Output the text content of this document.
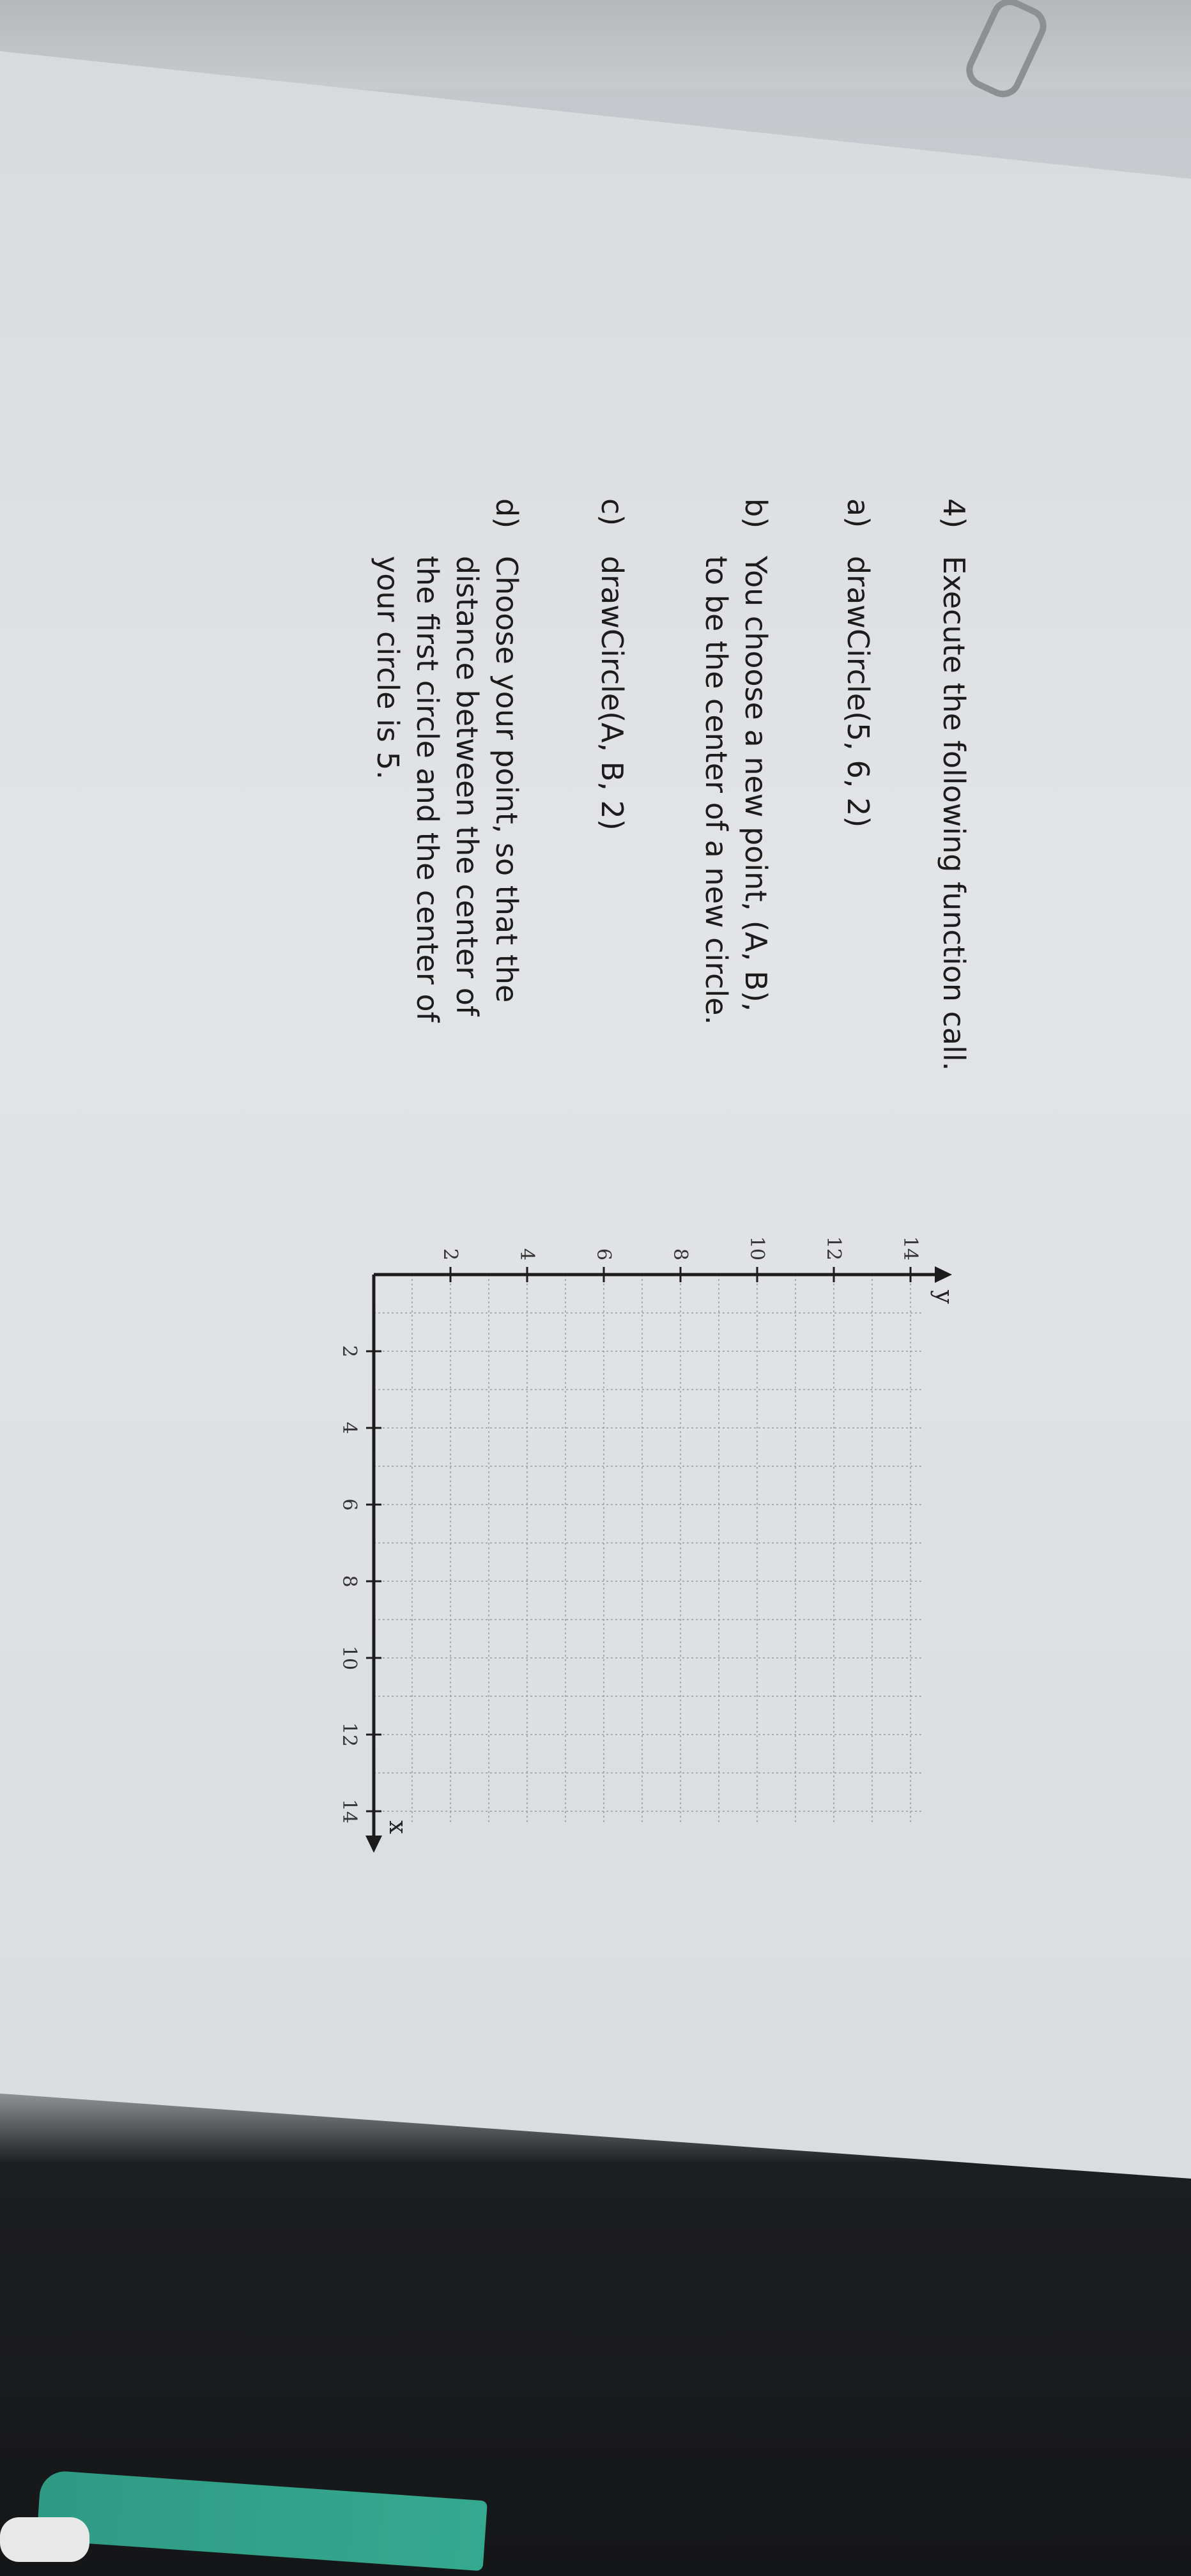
4)
Execute the following function call.
a)
drawCircle(5, 6, 2)
b)
You choose a new point, (A, B),
to be the center of a new circle.
c)
drawCircle(A, B, 2)
d)
Choose your point, so that the
distance between the center of
the first circle and the center of
your circle is 5.
2
4
6
8
10
12
14
2	4	6	8	10	12	14
x
y
